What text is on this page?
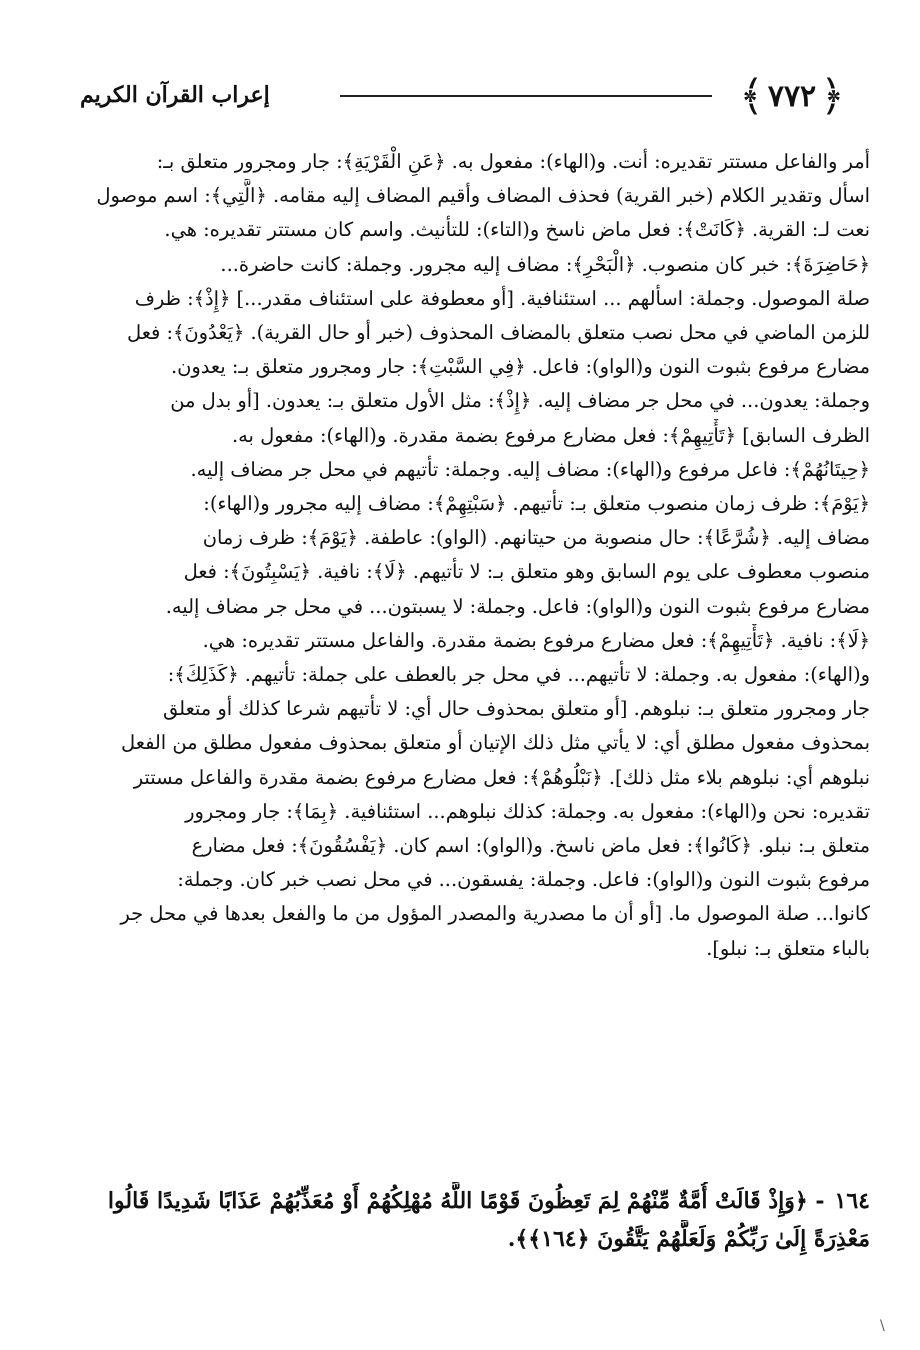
﴾ ٧٧٢ ﴿
إعراب القرآن الكريم
أمر والفاعل مستتر تقديره: أنت. و(الهاء): مفعول به. ﴿عَنِ الْقَرْيَةِ﴾: جار ومجرور متعلق بـ:
اسأل وتقدير الكلام (خبر القرية) فحذف المضاف وأقيم المضاف إليه مقامه. ﴿الَّتِي﴾: اسم موصول
نعت لـ: القرية. ﴿كَانَتْ﴾: فعل ماض ناسخ و(التاء): للتأنيث. واسم كان مستتر تقديره: هي.
﴿حَاضِرَةَ﴾: خبر كان منصوب. ﴿الْبَحْرِ﴾: مضاف إليه مجرور. وجملة: كانت حاضرة...
صلة الموصول. وجملة: اسألهم ... استئنافية. [أو معطوفة على استئناف مقدر...] ﴿إِذْ﴾: ظرف
للزمن الماضي في محل نصب متعلق بالمضاف المحذوف (خبر أو حال القرية). ﴿يَعْدُونَ﴾: فعل
مضارع مرفوع بثبوت النون و(الواو): فاعل. ﴿فِي السَّبْتِ﴾: جار ومجرور متعلق بـ: يعدون.
وجملة: يعدون... في محل جر مضاف إليه. ﴿إِذْ﴾: مثل الأول متعلق بـ: يعدون. [أو بدل من
الظرف السابق] ﴿تَأْتِيهِمْ﴾: فعل مضارع مرفوع بضمة مقدرة. و(الهاء): مفعول به.
﴿حِيتَانُهُمْ﴾: فاعل مرفوع و(الهاء): مضاف إليه. وجملة: تأتيهم في محل جر مضاف إليه.
﴿يَوْمَ﴾: ظرف زمان منصوب متعلق بـ: تأتيهم. ﴿سَبْتِهِمْ﴾: مضاف إليه مجرور و(الهاء):
مضاف إليه. ﴿شُرَّعًا﴾: حال منصوبة من حيتانهم. (الواو): عاطفة. ﴿يَوْمَ﴾: ظرف زمان
منصوب معطوف على يوم السابق وهو متعلق بـ: لا تأتيهم. ﴿لَا﴾: نافية. ﴿يَسْبِتُونَ﴾: فعل
مضارع مرفوع بثبوت النون و(الواو): فاعل. وجملة: لا يسبتون... في محل جر مضاف إليه.
﴿لَا﴾: نافية. ﴿تَأْتِيهِمْ﴾: فعل مضارع مرفوع بضمة مقدرة. والفاعل مستتر تقديره: هي.
و(الهاء): مفعول به. وجملة: لا تأتيهم... في محل جر بالعطف على جملة: تأتيهم. ﴿كَذَلِكَ﴾:
جار ومجرور متعلق بـ: نبلوهم. [أو متعلق بمحذوف حال أي: لا تأتيهم شرعا كذلك أو متعلق
بمحذوف مفعول مطلق أي: لا يأتي مثل ذلك الإتيان أو متعلق بمحذوف مفعول مطلق من الفعل
نبلوهم أي: نبلوهم بلاء مثل ذلك]. ﴿نَبْلُوهُمْ﴾: فعل مضارع مرفوع بضمة مقدرة والفاعل مستتر
تقديره: نحن و(الهاء): مفعول به. وجملة: كذلك نبلوهم... استئنافية. ﴿بِمَا﴾: جار ومجرور
متعلق بـ: نبلو. ﴿كَانُوا﴾: فعل ماض ناسخ. و(الواو): اسم كان. ﴿يَفْسُقُونَ﴾: فعل مضارع
مرفوع بثبوت النون و(الواو): فاعل. وجملة: يفسقون... في محل نصب خبر كان. وجملة:
كانوا... صلة الموصول ما. [أو أن ما مصدرية والمصدر المؤول من ما والفعل بعدها في محل جر
بالباء متعلق بـ: نبلو].
١٦٤- ﴿وَإِذْ قَالَتْ أُمَّةٌ مِّنْهُمْ لِمَ تَعِظُونَ قَوْمًا اللَّهُ مُهْلِكُهُمْ أَوْ مُعَذِّبُهُمْ عَذَابًا شَدِيدًا قَالُوا
مَعْذِرَةً إِلَىٰ رَبِّكُمْ وَلَعَلَّهُمْ يَتَّقُونَ ﴿١٦٤﴾﴾.
\
